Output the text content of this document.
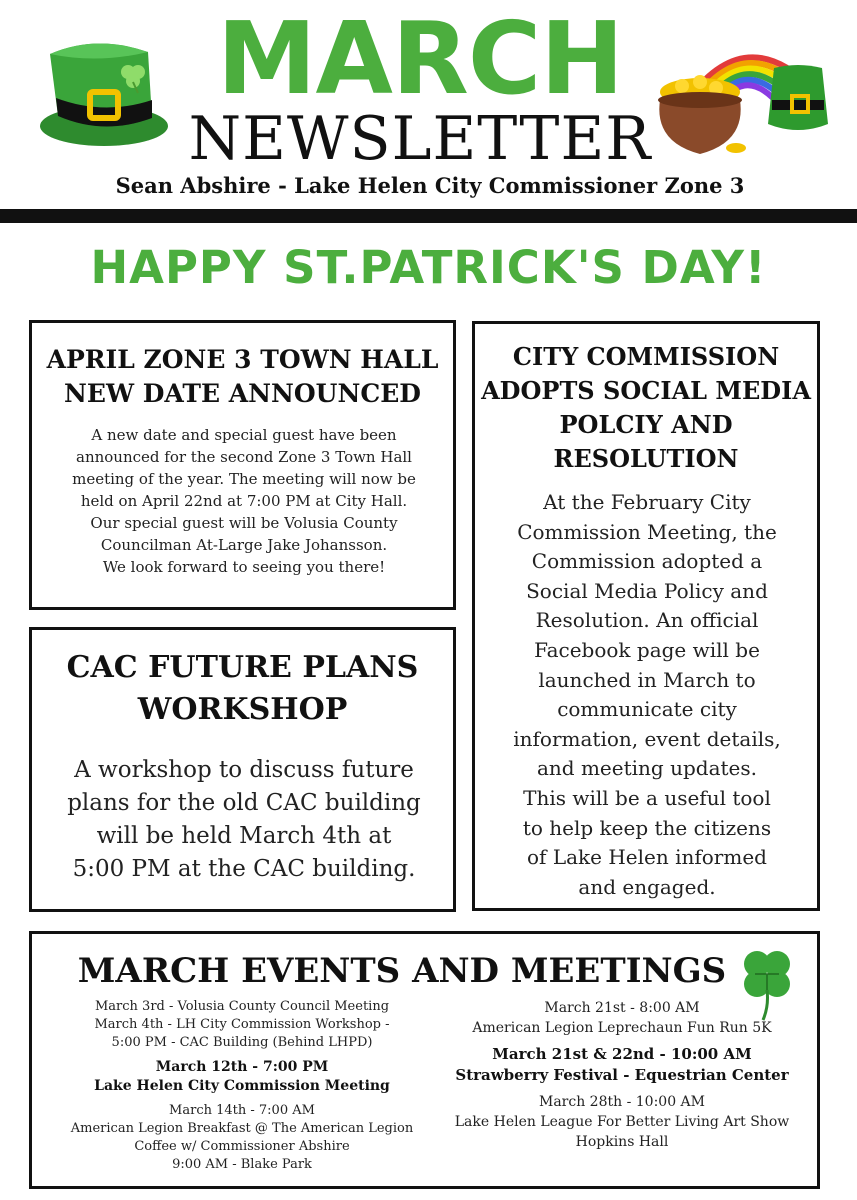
MARCH
NEWSLETTER
Sean Abshire - Lake Helen City Commissioner Zone 3
HAPPY ST.PATRICK'S DAY!
APRIL ZONE 3 TOWN HALL
NEW DATE ANNOUNCED

A new date and special guest have been
announced for the second Zone 3 Town Hall
meeting of the year. The meeting will now be
held on April 22nd at 7:00 PM at City Hall.
Our special guest will be Volusia County
Councilman At-Large Jake Johansson.
We look forward to seeing you there!

CAC FUTURE PLANS
WORKSHOP

A workshop to discuss future
plans for the old CAC building
will be held March 4th at
5:00 PM at the CAC building.

CITY COMMISSION
ADOPTS SOCIAL MEDIA
POLCIY AND
RESOLUTION

At the February City
Commission Meeting, the
Commission adopted a
Social Media Policy and
Resolution. An official
Facebook page will be
launched in March to
communicate city
information, event details,
and meeting updates.
This will be a useful tool
to help keep the citizens
of Lake Helen informed
and engaged.

MARCH EVENTS AND MEETINGS
March 3rd - Volusia County Council Meeting
March 4th - LH City Commission Workshop -
5:00 PM - CAC Building (Behind LHPD)
March 12th - 7:00 PM
Lake Helen City Commission Meeting
March 14th - 7:00 AM
American Legion Breakfast @ The American Legion
Coffee w/ Commissioner Abshire
9:00 AM - Blake Park
March 21st - 8:00 AM
American Legion Leprechaun Fun Run 5K
March 21st & 22nd - 10:00 AM
Strawberry Festival - Equestrian Center
March 28th - 10:00 AM
Lake Helen League For Better Living Art Show
Hopkins Hall
